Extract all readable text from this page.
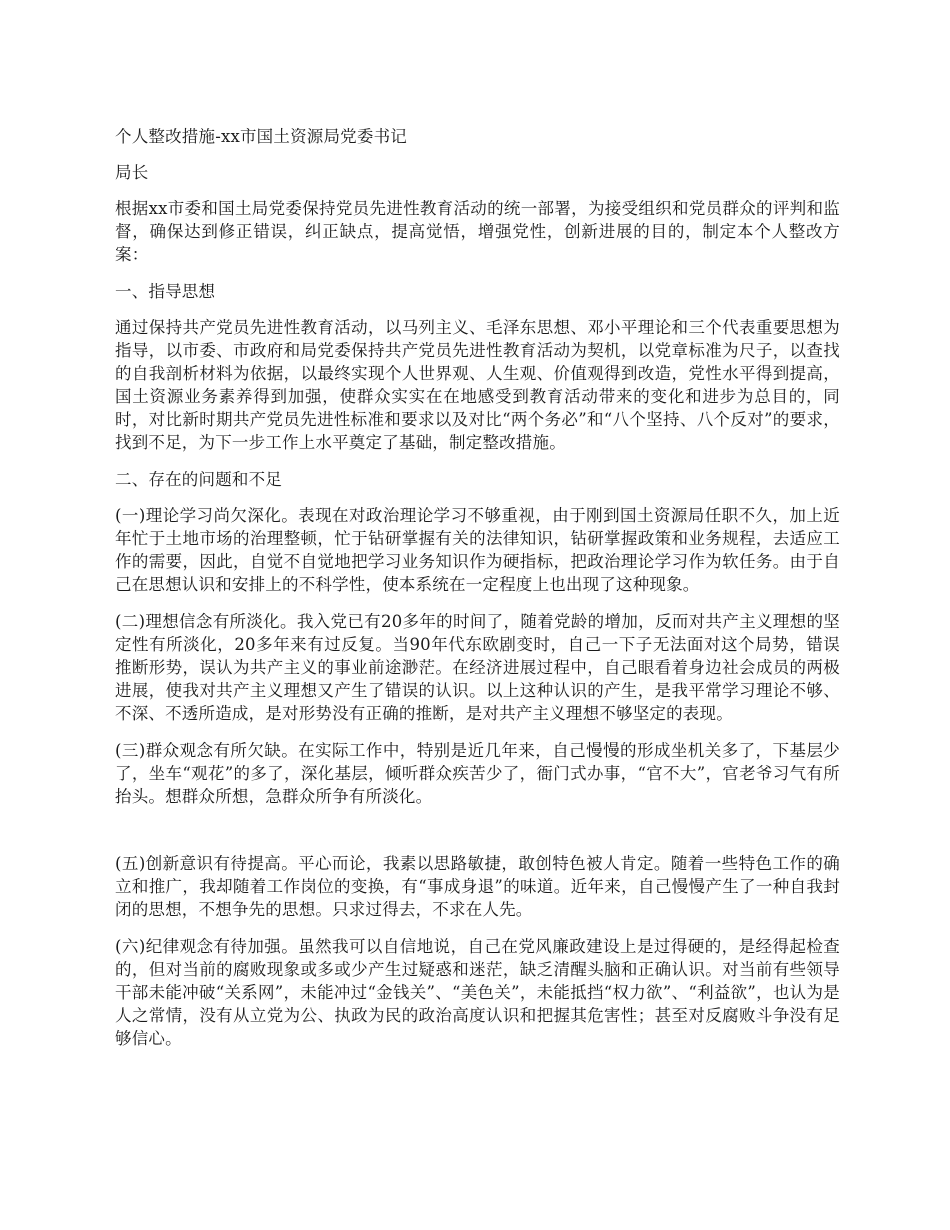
个人整改措施-xx市国土资源局党委书记

局长

根据xx市委和国土局党委保持党员先进性教育活动的统一部署，为接受组织和党员群众的评判和监督，确保达到修正错误，纠正缺点，提高觉悟，增强党性，创新进展的目的，制定本个人整改方案：

一、指导思想

通过保持共产党员先进性教育活动，以马列主义、毛泽东思想、邓小平理论和三个代表重要思想为指导，以市委、市政府和局党委保持共产党员先进性教育活动为契机，以党章标准为尺子，以查找的自我剖析材料为依据，以最终实现个人世界观、人生观、价值观得到改造，党性水平得到提高，国土资源业务素养得到加强，使群众实实在在地感受到教育活动带来的变化和进步为总目的，同时，对比新时期共产党员先进性标准和要求以及对比“两个务必”和“八个坚持、八个反对”的要求，找到不足，为下一步工作上水平奠定了基础，制定整改措施。

二、存在的问题和不足

(一)理论学习尚欠深化。表现在对政治理论学习不够重视，由于刚到国土资源局任职不久，加上近年忙于土地市场的治理整顿，忙于钻研掌握有关的法律知识，钻研掌握政策和业务规程，去适应工作的需要，因此，自觉不自觉地把学习业务知识作为硬指标，把政治理论学习作为软任务。由于自己在思想认识和安排上的不科学性，使本系统在一定程度上也出现了这种现象。

(二)理想信念有所淡化。我入党已有20多年的时间了，随着党龄的增加，反而对共产主义理想的坚定性有所淡化，20多年来有过反复。当90年代东欧剧变时，自己一下子无法面对这个局势，错误推断形势，误认为共产主义的事业前途渺茫。在经济进展过程中，自己眼看着身边社会成员的两极进展，使我对共产主义理想又产生了错误的认识。以上这种认识的产生，是我平常学习理论不够、不深、不透所造成，是对形势没有正确的推断，是对共产主义理想不够坚定的表现。

(三)群众观念有所欠缺。在实际工作中，特别是近几年来，自己慢慢的形成坐机关多了，下基层少了，坐车“观花”的多了，深化基层，倾听群众疾苦少了，衙门式办事，“官不大”，官老爷习气有所抬头。想群众所想，急群众所争有所淡化。

(五)创新意识有待提高。平心而论，我素以思路敏捷，敢创特色被人肯定。随着一些特色工作的确立和推广，我却随着工作岗位的变换，有“事成身退”的味道。近年来，自己慢慢产生了一种自我封闭的思想，不想争先的思想。只求过得去，不求在人先。

(六)纪律观念有待加强。虽然我可以自信地说，自己在党风廉政建设上是过得硬的，是经得起检查的，但对当前的腐败现象或多或少产生过疑惑和迷茫，缺乏清醒头脑和正确认识。对当前有些领导干部未能冲破“关系网”，未能冲过“金钱关”、“美色关”，未能抵挡“权力欲”、“利益欲”，也认为是人之常情，没有从立党为公、执政为民的政治高度认识和把握其危害性；甚至对反腐败斗争没有足够信心。
